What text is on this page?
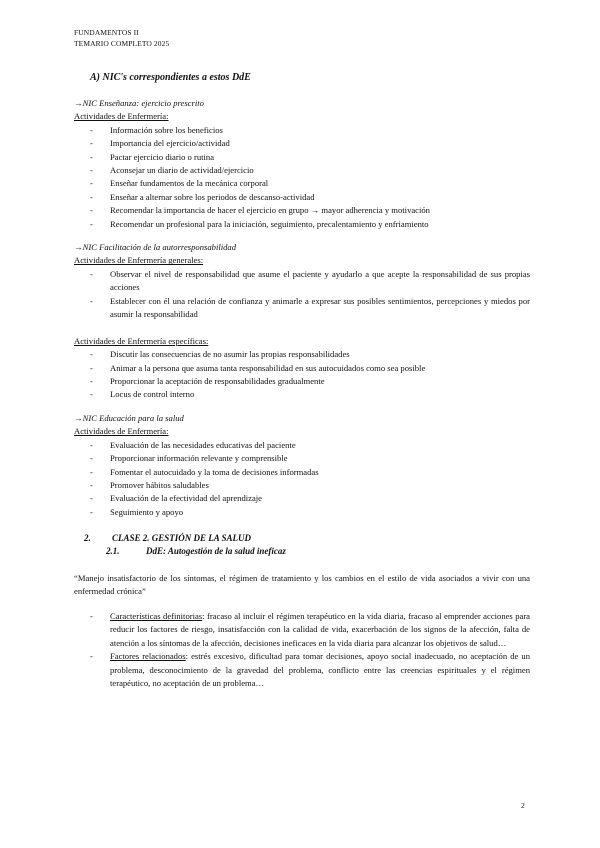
FUNDAMENTOS II
TEMARIO COMPLETO 2025
A) NIC's correspondientes a estos DdE
→NIC Enseñanza: ejercicio prescrito
Actividades de Enfermería:
- Información sobre los beneficios
- Importancia del ejercicio/actividad
- Pactar ejercicio diario o rutina
- Aconsejar un diario de actividad/ejercicio
- Enseñar fundamentos de la mecánica corporal
- Enseñar a alternar sobre los periodos de descanso-actividad
- Recomendar la importancia de hacer el ejercicio en grupo → mayor adherencia y motivación
- Recomendar un profesional para la iniciación, seguimiento, precalentamiento y enfriamiento
→NIC Facilitación de la autorresponsabilidad
Actividades de Enfermería generales:
- Observar el nivel de responsabilidad que asume el paciente y ayudarlo a que acepte la responsabilidad de sus propias acciones
- Establecer con él una relación de confianza y animarle a expresar sus posibles sentimientos, percepciones y miedos por asumir la responsabilidad
Actividades de Enfermería específicas:
- Discutir las consecuencias de no asumir las propias responsabilidades
- Animar a la persona que asuma tanta responsabilidad en sus autocuidados como sea posible
- Proporcionar la aceptación de responsabilidades gradualmente
- Locus de control interno
→NIC Educación para la salud
Actividades de Enfermería:
- Evaluación de las necesidades educativas del paciente
- Proporcionar información relevante y comprensible
- Fomentar el autocuidado y la toma de decisiones informadas
- Promover hábitos saludables
- Evaluación de la efectividad del aprendizaje
- Seguimiento y apoyo
2. CLASE 2. GESTIÓN DE LA SALUD
2.1.	DdE: Autogestión de la salud ineficaz
“Manejo insatisfactorio de los síntomas, el régimen de tratamiento y los cambios en el estilo de vida asociados a vivir con una enfermedad crónica”
- Características definitorias: fracaso al incluir el régimen terapéutico en la vida diaria, fracaso al emprender acciones para reducir los factores de riesgo, insatisfacción con la calidad de vida, exacerbación de los signos de la afección, falta de atención a los síntomas de la afección, decisiones ineficaces en la vida diaria para alcanzar los objetivos de salud…
- Factores relacionados: estrés excesivo, dificultad para tomar decisiones, apoyo social inadecuado, no aceptación de un problema, desconocimiento de la gravedad del problema, conflicto entre las creencias espirituales y el régimen terapéutico, no aceptación de un problema…
2
